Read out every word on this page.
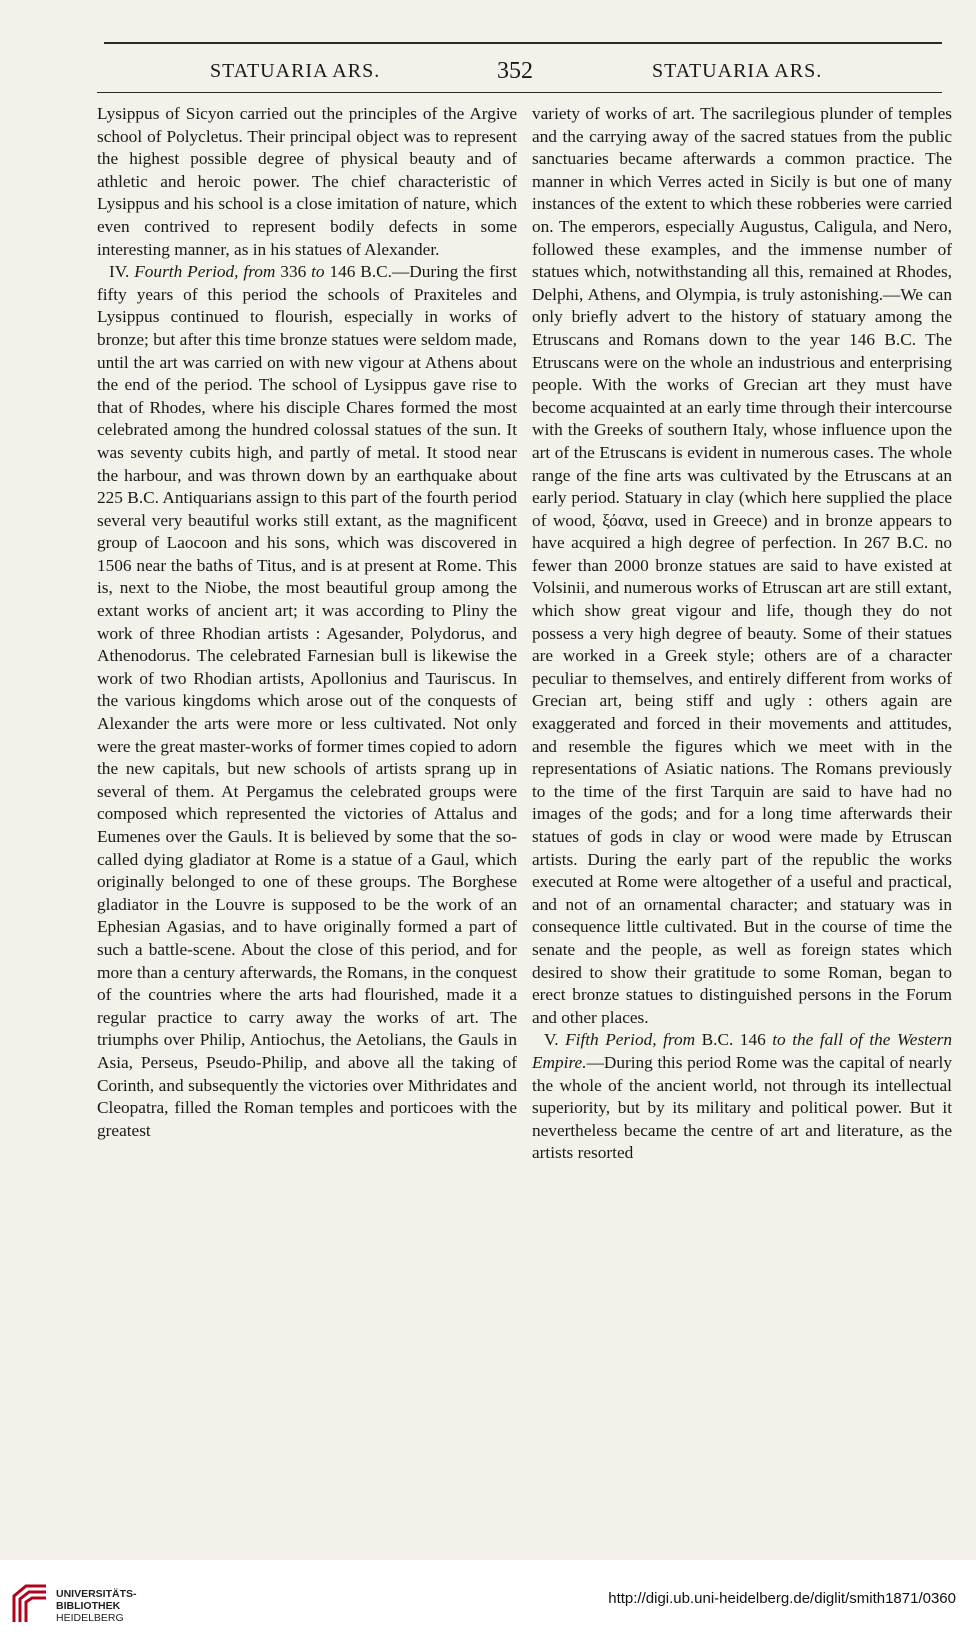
STATUARIA ARS.	352	STATUARIA ARS.

Lysippus of Sicyon carried out the principles of the Argive school of Polycletus. Their principal object was to represent the highest possible degree of physical beauty and of athletic and heroic power. The chief characteristic of Lysippus and his school is a close imitation of nature, which even contrived to represent bodily defects in some interesting manner, as in his statues of Alexander.

IV. Fourth Period, from 336 to 146 B.C.—During the first fifty years of this period the schools of Praxiteles and Lysippus continued to flourish, especially in works of bronze; but after this time bronze statues were seldom made, until the art was carried on with new vigour at Athens about the end of the period. The school of Lysippus gave rise to that of Rhodes, where his disciple Chares formed the most celebrated among the hundred colossal statues of the sun. It was seventy cubits high, and partly of metal. It stood near the harbour, and was thrown down by an earthquake about 225 B.C. Antiquarians assign to this part of the fourth period several very beautiful works still extant, as the magnificent group of Laocoon and his sons, which was discovered in 1506 near the baths of Titus, and is at present at Rome. This is, next to the Niobe, the most beautiful group among the extant works of ancient art; it was according to Pliny the work of three Rhodian artists : Agesander, Polydorus, and Athenodorus. The celebrated Farnesian bull is likewise the work of two Rhodian artists, Apollonius and Tauriscus. In the various kingdoms which arose out of the conquests of Alexander the arts were more or less cultivated. Not only were the great master-works of former times copied to adorn the new capitals, but new schools of artists sprang up in several of them. At Pergamus the celebrated groups were composed which represented the victories of Attalus and Eumenes over the Gauls. It is believed by some that the so-called dying gladiator at Rome is a statue of a Gaul, which originally belonged to one of these groups. The Borghese gladiator in the Louvre is supposed to be the work of an Ephesian Agasias, and to have originally formed a part of such a battle-scene. About the close of this period, and for more than a century afterwards, the Romans, in the conquest of the countries where the arts had flourished, made it a regular practice to carry away the works of art. The triumphs over Philip, Antiochus, the Aetolians, the Gauls in Asia, Perseus, Pseudo-Philip, and above all the taking of Corinth, and subsequently the victories over Mithridates and Cleopatra, filled the Roman temples and porticoes with the greatest

variety of works of art. The sacrilegious plunder of temples and the carrying away of the sacred statues from the public sanctuaries became afterwards a common practice. The manner in which Verres acted in Sicily is but one of many instances of the extent to which these robberies were carried on. The emperors, especially Augustus, Caligula, and Nero, followed these examples, and the immense number of statues which, notwithstanding all this, remained at Rhodes, Delphi, Athens, and Olympia, is truly astonishing.—We can only briefly advert to the history of statuary among the Etruscans and Romans down to the year 146 B.C. The Etruscans were on the whole an industrious and enterprising people. With the works of Grecian art they must have become acquainted at an early time through their intercourse with the Greeks of southern Italy, whose influence upon the art of the Etruscans is evident in numerous cases. The whole range of the fine arts was cultivated by the Etruscans at an early period. Statuary in clay (which here supplied the place of wood, ξόανα, used in Greece) and in bronze appears to have acquired a high degree of perfection. In 267 B.C. no fewer than 2000 bronze statues are said to have existed at Volsinii, and numerous works of Etruscan art are still extant, which show great vigour and life, though they do not possess a very high degree of beauty. Some of their statues are worked in a Greek style; others are of a character peculiar to themselves, and entirely different from works of Grecian art, being stiff and ugly : others again are exaggerated and forced in their movements and attitudes, and resemble the figures which we meet with in the representations of Asiatic nations. The Romans previously to the time of the first Tarquin are said to have had no images of the gods; and for a long time afterwards their statues of gods in clay or wood were made by Etruscan artists. During the early part of the republic the works executed at Rome were altogether of a useful and practical, and not of an ornamental character; and statuary was in consequence little cultivated. But in the course of time the senate and the people, as well as foreign states which desired to show their gratitude to some Roman, began to erect bronze statues to distinguished persons in the Forum and other places.

V. Fifth Period, from B.C. 146 to the fall of the Western Empire.—During this period Rome was the capital of nearly the whole of the ancient world, not through its intellectual superiority, but by its military and political power. But it nevertheless became the centre of art and literature, as the artists resorted

UNIVERSITÄTS-
BIBLIOTHEK
HEIDELBERG
http://digi.ub.uni-heidelberg.de/diglit/smith1871/0360
